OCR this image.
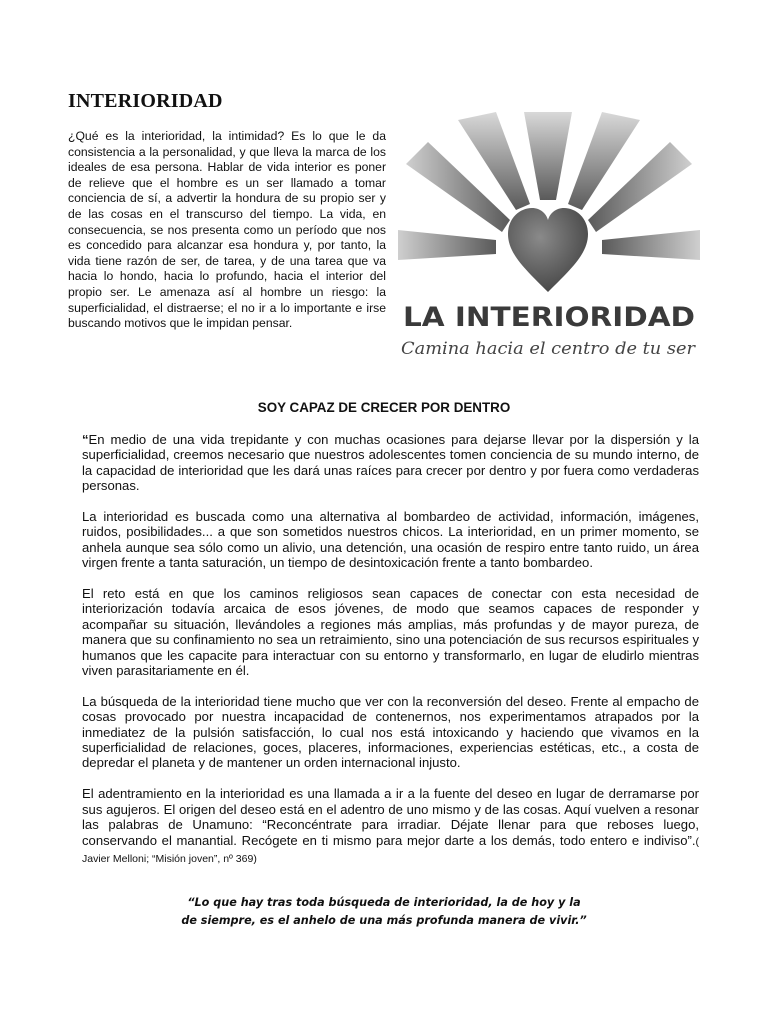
INTERIORIDAD

¿Qué es la interioridad, la intimidad? Es lo que le da consistencia a la personalidad, y que lleva la marca de los ideales de esa persona. Hablar de vida interior es poner de relieve que el hombre es un ser llamado a tomar conciencia de sí, a advertir la hondura de su propio ser y de las cosas en el transcurso del tiempo. La vida, en consecuencia, se nos presenta como un período que nos es concedido para alcanzar esa hondura y, por tanto, la vida tiene razón de ser, de tarea, y de una tarea que va hacia lo hondo, hacia lo profundo, hacia el interior del propio ser. Le amenaza así al hombre un riesgo: la superficialidad, el distraerse; el no ir a lo importante e irse buscando motivos que le impidan pensar.	LA INTERIORIDAD
Camina hacia el centro de tu ser
SOY CAPAZ DE CRECER POR DENTRO

“En medio de una vida trepidante y con muchas ocasiones para dejarse llevar por la dispersión y la superficialidad, creemos necesario que nuestros adolescentes tomen conciencia de su mundo interno, de la capacidad de interioridad que les dará unas raíces para crecer por dentro y por fuera como verdaderas personas.

La interioridad es buscada como una alternativa al bombardeo de actividad, información, imágenes, ruidos, posibilidades... a que son sometidos nuestros chicos. La interioridad, en un primer momento, se anhela aunque sea sólo como un alivio, una detención, una ocasión de respiro entre tanto ruido, un área virgen frente a tanta saturación, un tiempo de desintoxicación frente a tanto bombardeo.

El reto está en que los caminos religiosos sean capaces de conectar con esta necesidad de interiorización todavía arcaica de esos jóvenes, de modo que seamos capaces de responder y acompañar su situación, llevándoles a regiones más amplias, más profundas y de mayor pureza, de manera que su confinamiento no sea un retraimiento, sino una potenciación de sus recursos espirituales y humanos que les capacite para interactuar con su entorno y transformarlo, en lugar de eludirlo mientras viven parasitariamente en él.

La búsqueda de la interioridad tiene mucho que ver con la reconversión del deseo. Frente al empacho de cosas provocado por nuestra incapacidad de contenernos, nos experimentamos atrapados por la inmediatez de la pulsión satisfacción, lo cual nos está intoxicando y haciendo que vivamos en la superficialidad de relaciones, goces, placeres, informaciones, experiencias estéticas, etc., a costa de depredar el planeta y de mantener un orden internacional injusto.

El adentramiento en la interioridad es una llamada a ir a la fuente del deseo en lugar de derramarse por sus agujeros. El origen del deseo está en el adentro de uno mismo y de las cosas. Aquí vuelven a resonar las palabras de Unamuno: “Reconcéntrate para irradiar. Déjate llenar para que reboses luego, conservando el manantial. Recógete en ti mismo para mejor darte a los demás, todo entero e indiviso”.( Javier Melloni; “Misión joven”, nº 369)

“Lo que hay tras toda búsqueda de interioridad, la de hoy y la
de siempre, es el anhelo de una más profunda manera de vivir.”
